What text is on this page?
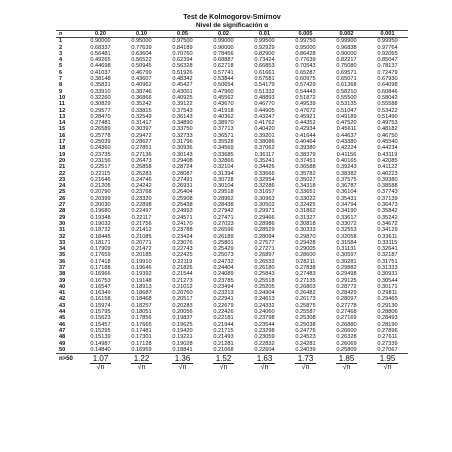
Test de Kolmogorov-Smirnov
Nivel de significación α
n	0.20	0.10	0.05	0.02	0.01	0.005	0.002	0.001
1	0.90000	0.95000	0.97500	0.99000	0.99500	0.99750	0.99900	0.99950
2	0.68337	0.77639	0.84189	0.90000	0.92929	0.95000	0.96838	0.97764
3	0.56481	0.63604	0.70760	0.78456	0.82900	0.86428	0.90000	0.92065
4	0.49265	0.56522	0.62394	0.68887	0.73424	0.77639	0.82217	0.85047
5	0.44698	0.50945	0.56328	0.62718	0.66853	0.70543	0.75080	0.78137
6	0.41037	0.46799	0.51926	0.57741	0.61661	0.65287	0.69571	0.72479
7	0.38148	0.43607	0.48342	0.53844	0.57581	0.60975	0.65071	0.67930
8	0.35831	0.40962	0.45427	0.50654	0.54179	0.57429	0.61368	0.64098
9	0.33910	0.38746	0.43001	0.47960	0.51332	0.54443	0.58210	0.60846
10	0.32260	0.36866	0.40925	0.45562	0.48893	0.51872	0.55500	0.58042
11	0.30829	0.35242	0.39122	0.43670	0.46770	0.49539	0.53135	0.55588
12	0.29577	0.33815	0.37543	0.41918	0.44905	0.47672	0.51047	0.53422
13	0.28470	0.32549	0.36143	0.40362	0.43247	0.45921	0.49189	0.51490
14	0.27481	0.31417	0.34890	0.38970	0.41762	0.44352	0.47520	0.49753
15	0.26589	0.30397	0.33750	0.37713	0.40420	0.42934	0.45611	0.48182
16	0.25778	0.29472	0.32733	0.36571	0.39201	0.41644	0.44637	0.46750
17	0.25039	0.28627	0.31796	0.35528	0.38086	0.40464	0.43380	0.45540
18	0.24360	0.27851	0.30936	0.34569	0.37062	0.39380	0.42224	0.44234
19	0.23735	0.27136	0.30143	0.33685	0.36117	0.38379	0.41156	0.43119
20	0.23156	0.26473	0.29408	0.32866	0.35241	0.37451	0.40165	0.42085
21	0.22517	0.25858	0.28724	0.32104	0.34426	0.36588	0.39243	0.41122
22	0.22115	0.25283	0.28087	0.31394	0.33666	0.35782	0.38382	0.40223
23	0.21646	0.24746	0.27491	0.30728	0.32954	0.35027	0.37575	0.39380
24	0.21205	0.24242	0.26931	0.30104	0.32286	0.34318	0.36787	0.38588
25	0.20790	0.23768	0.26404	0.29518	0.31657	0.33651	0.36104	0.37743
26	0.20399	0.23320	0.25908	0.28962	0.30963	0.33022	0.35431	0.37139
27	0.20030	0.22898	0.25438	0.28438	0.30502	0.32425	0.34794	0.36473
28	0.19680	0.22497	0.24993	0.27942	0.29971	0.31862	0.34190	0.35842
29	0.19348	0.22117	0.24571	0.27471	0.29466	0.31327	0.33617	0.35242
30	0.19032	0.21756	0.24170	0.27023	0.28986	0.30818	0.33072	0.34672
31	0.18732	0.21412	0.23788	0.26596	0.28529	0.30333	0.32553	0.34129
32	0.18445	0.21085	0.23424	0.26189	0.28094	0.29870	0.32058	0.33611
33	0.18171	0.20771	0.23076	0.25801	0.27577	0.29428	0.31584	0.33115
34	0.17909	0.21472	0.22743	0.25429	0.27271	0.29005	0.31131	0.32641
35	0.17659	0.20185	0.22425	0.25073	0.26897	0.28600	0.30597	0.32187
36	0.17418	0.19910	0.22119	0.24732	0.26532	0.28211	0.30281	0.31751
37	0.17188	0.19646	0.21826	0.24404	0.26180	0.27838	0.29882	0.31333
38	0.16966	0.19392	0.21544	0.24089	0.25843	0.27483	0.29498	0.30931
39	0.16753	0.19148	0.21273	0.23785	0.25518	0.27135	0.29125	0.30544
40	0.16547	0.18913	0.21012	0.23494	0.25205	0.26803	0.28772	0.30171
41	0.16349	0.18687	0.20760	0.23213	0.24904	0.26482	0.28429	0.29811
42	0.16158	0.18468	0.20517	0.22941	0.24613	0.26173	0.28097	0.29465
43	0.15974	0.18257	0.20283	0.22679	0.24332	0.25875	0.27778	0.29130
44	0.15795	0.18051	0.20056	0.22426	0.24060	0.25587	0.27468	0.28806
45	0.15623	0.17856	0.19837	0.22181	0.23798	0.25308	0.27169	0.28493
46	0.15457	0.17665	0.19625	0.21944	0.23544	0.25038	0.26880	0.28190
47	0.15295	0.17481	0.19420	0.21715	0.23298	0.24776	0.26600	0.27896
48	0.15139	0.17301	0.19221	0.21493	0.23059	0.24523	0.26328	0.27611
49	0.14987	0.17128	0.19028	0.21281	0.22832	0.24281	0.26069	0.27339
50	0.14840	0.16959	0.18841	0.21068	0.22604	0.24039	0.25809	0.27067
n>50	$\frac{1.07}{√n} \frac{1.22}{√n} \frac{1.36}{√n} \frac{1.52}{√n} \frac{1.63}{√n} \frac{1.73}{√n} \frac{1.85}{√n} \frac{1.95}{√n}$
